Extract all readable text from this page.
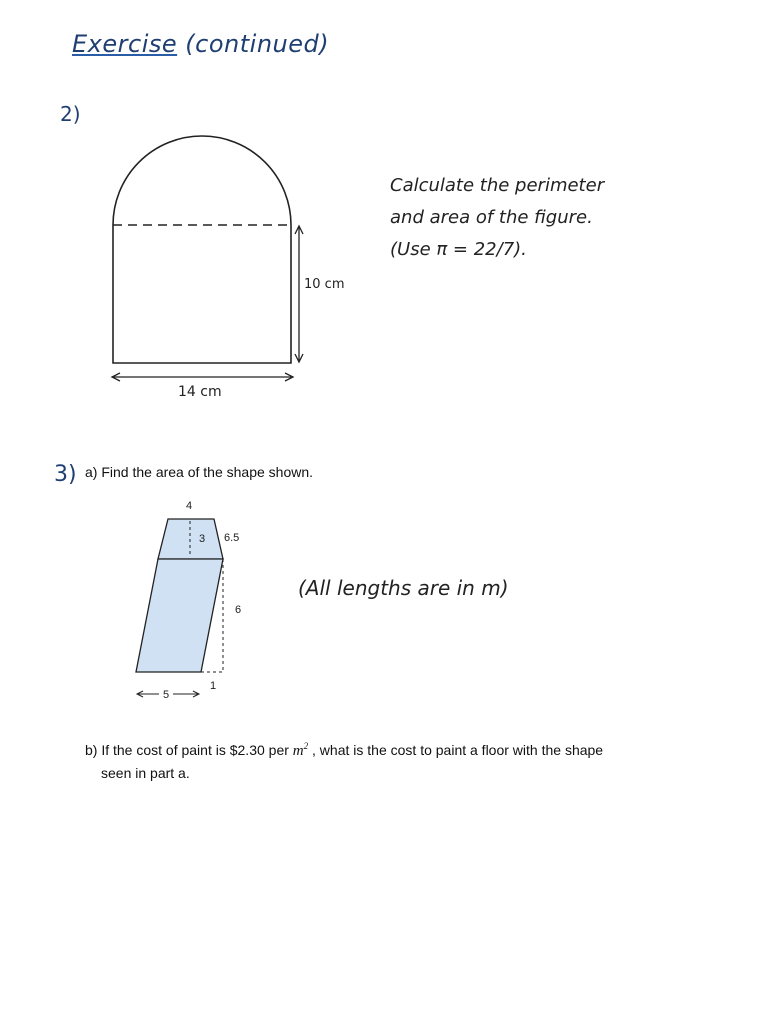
Exercise (continued)
2)
10 cm
14 cm
Calculate the perimeter
and area of the figure.
(Use π = 22/7).
3) a) Find the area of the shape shown.
4
3 6.5
6
1
5
(All lengths are in m)
b) If the cost of paint is $2.30 per $m^2$ , what is the cost to paint a floor with the shape
seen in part a.
